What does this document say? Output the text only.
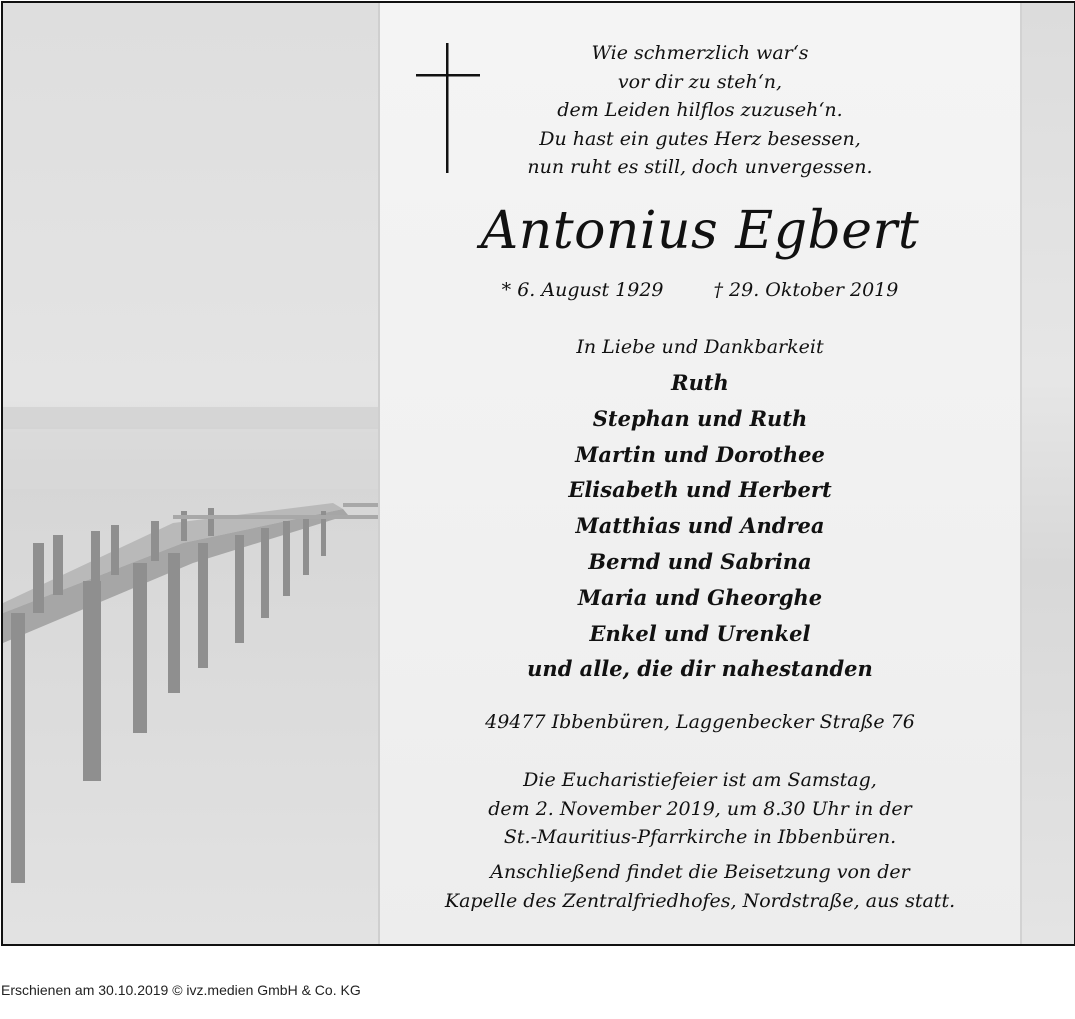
Wie schmerzlich war‘s
vor dir zu steh‘n,
dem Leiden hilflos zuzuseh‘n.
Du hast ein gutes Herz besessen,
nun ruht es still, doch unvergessen.
Antonius Egbert
* 6. August 1929	† 29. Oktober 2019
In Liebe und Dankbarkeit
Ruth
Stephan und Ruth
Martin und Dorothee
Elisabeth und Herbert
Matthias und Andrea
Bernd und Sabrina
Maria und Gheorghe
Enkel und Urenkel
und alle, die dir nahestanden
49477 Ibbenbüren, Laggenbecker Straße 76
Die Eucharistiefeier ist am Samstag,
dem 2. November 2019, um 8.30 Uhr in der
St.-Mauritius-Pfarrkirche in Ibbenbüren.
Anschließend findet die Beisetzung von der
Kapelle des Zentralfriedhofes, Nordstraße, aus statt.
Erschienen am 30.10.2019 © ivz.medien GmbH & Co. KG
